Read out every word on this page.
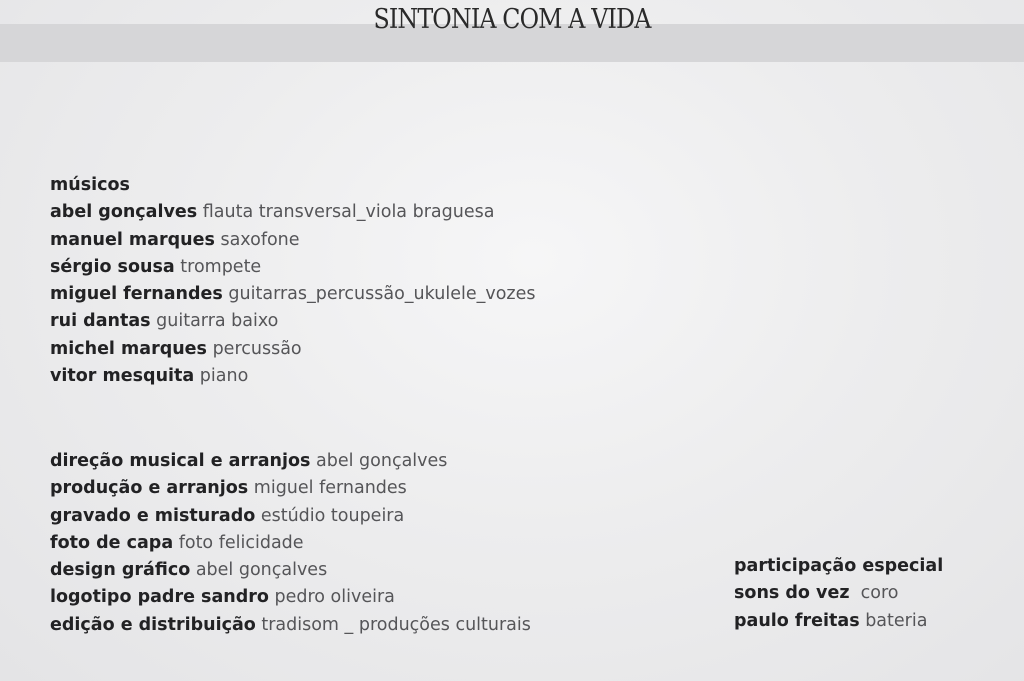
SINTONIA COM A VIDA
músicos
abel gonçalves flauta transversal_viola braguesa
manuel marques saxofone
sérgio sousa trompete
miguel fernandes guitarras_percussão_ukulele_vozes
rui dantas guitarra baixo
michel marques percussão
vitor mesquita piano
direção musical e arranjos abel gonçalves
produção e arranjos miguel fernandes
gravado e misturado estúdio toupeira
foto de capa foto felicidade
design gráfico abel gonçalves
logotipo padre sandro pedro oliveira
edição e distribuição tradisom _ produções culturais
participação especial
sons do vez coro
paulo freitas bateria
